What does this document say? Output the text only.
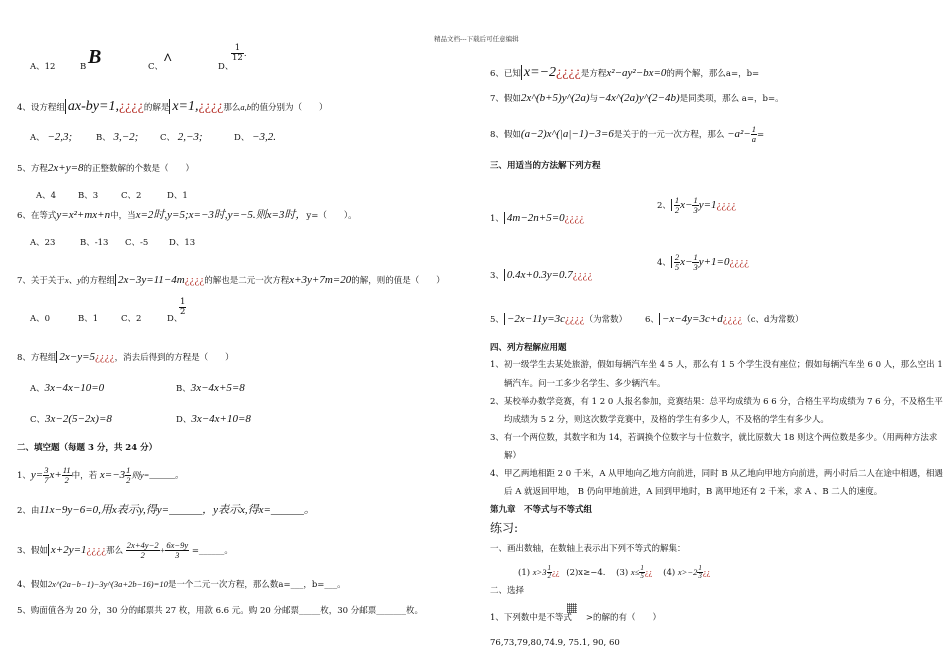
精品文档---下载后可任意编辑
A、12	B B	C、 ^	D、
$\frac{1}{12}$ .
4、设方程组 ax-by=1,¿¿¿¿的解是 x=1,¿¿¿¿那么a,b的值分别为（　　）
A、 −2,3;	B、 3,−2;	C、 2,−3;	D、 −3,2.
5、方程2x+y=8的正整数解的个数是（　　）
A、4	B、3	C、2	D、1
6、在等式y=x²+mx+n中，当x=2时,y=5;x=−3时,y=−5.则x=3时，y=（　　）。
A、23	B、-13 C、-5 D、13
7、关于关于x、y的方程组 2x−3y=11−4m¿¿¿¿的解也是二元一次方程x+3y+7m=20的解，则的值是（　　）
A、0	B、1	C、2	D、
$\frac{1}{2}$
8、方程组 2x−y=5¿¿¿¿，消去后得到的方程是（　　）
A、3x−4x−10=0	B、3x−4x+5=8
C、3x−2(5−2x)=8	D、3x−4x+10=8
二、填空题（每题 3 分，共 24 分）
1、$y= \frac{3}{7} x+ \frac{11}{2}$ 中，若 $x=-3 \frac{1}{2}$ 则y=______。
2、由11x−9y−6=0,用x表示y,得y=______，y表示x,得x=______。
3、假如 x+2y=1¿¿¿¿那么 $\frac{2x+4y-2}{2} + \frac{6x-9y}{3}$ =______。
4、假如2x^(2a−b−1)−3y^(3a+2b−16)=10是一个二元一次方程，那么数a=___，b=___。
5、购面值各为 20 分，30 分的邮票共 27 枚，用款 6.6 元。购 20 分邮票_____枚，30 分邮票_______枚。
6、已知 x=−2¿¿¿¿是方程x²−ay²−bx=0的两个解，那么a=，b=
7、假如2x^(b+5)y^(2a)与−4x^(2a)y^(2−4b)是同类项，那么 a=，b=。
8、假如(a−2)x^(|a|−1)−3=6是关于的一元一次方程，那么 $-a^2- \frac{1}{a}$ =
三、用适当的方法解下列方程
1、 4m−2n+5=0¿¿¿¿
2、 $\frac{1}{2} x- \frac{1}{3}$ y=1¿¿¿¿
3、 0.4x+0.3y=0.7¿¿¿¿
4、 $\frac{2}{5} x- \frac{1}{3}$ y+1=0¿¿¿¿
5、 −2x−11y=3c¿¿¿¿（为常数） 6、 −x−4y=3c+d¿¿¿¿（c、d为常数）
四、列方程解应用题
1、初一级学生去某处旅游，假如每辆汽车坐 4 5 人，那么有 1 5 个学生没有座位；假如每辆汽车坐 6 0 人，那么空出 1
辆汽车。问一工多少名学生、多少辆汽车。
2、某校举办数学竞赛，有 1 2 0 人报名参加，竞赛结果：总平均成绩为 6 6 分，合格生平均成绩为 7 6 分，不及格生平
均成绩为 5 2 分，则这次数学竞赛中，及格的学生有多少人，不及格的学生有多少人。
3、有一个两位数，其数字和为 14，若调换个位数字与十位数字，就比原数大 18 则这个两位数是多少。（用两种方法求
解）
4、甲乙两地相距 2 0 千米，A 从甲地向乙地方向前进，同时 B 从乙地向甲地方向前进，两小时后二人在途中相遇，相遇
后 A 就返回甲地， B 仍向甲地前进，A 回到甲地时，B 离甲地还有 2 千米，求 A 、B 二人的速度。
第九章　不等式与不等式组
练习:
一、画出数轴，在数轴上表示出下列不等式的解集：
(1) $x>3 \frac{1}{2}$ ¿¿ (2)x≥−4. (3) $x\le \frac{1}{5}$ ¿¿ (4) $x>-2 \frac{1}{3}$ ¿¿
二、选择
1、下列数中是不等式 >的解的有（　　）
76,73,79,80,74.9, 75.1, 90, 60
